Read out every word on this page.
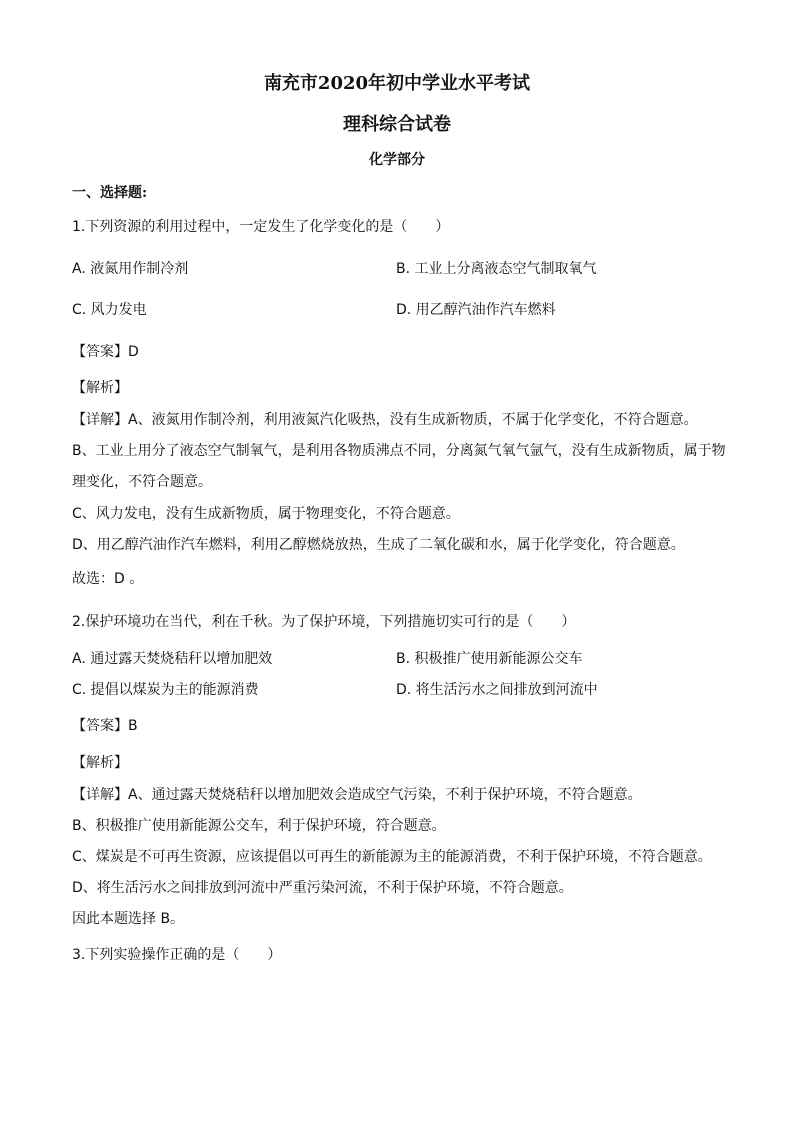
南充市2020年初中学业水平考试
理科综合试卷
化学部分
一、选择题:
1.下列资源的利用过程中，一定发生了化学变化的是（　　）
A. 液氮用作制冷剂	B. 工业上分离液态空气制取氧气
C. 风力发电	D. 用乙醇汽油作汽车燃料
【答案】D
【解析】
【详解】A、液氮用作制冷剂，利用液氮汽化吸热，没有生成新物质，不属于化学变化，不符合题意。
B、工业上用分了液态空气制氧气，是利用各物质沸点不同，分离氮气氧气氩气，没有生成新物质，属于物
理变化，不符合题意。
C、风力发电，没有生成新物质，属于物理变化，不符合题意。
D、用乙醇汽油作汽车燃料，利用乙醇燃烧放热，生成了二氧化碳和水，属于化学变化，符合题意。
故选：D 。
2.保护环境功在当代，利在千秋。为了保护环境，下列措施切实可行的是（　　）
A. 通过露天焚烧秸秆以增加肥效	B. 积极推广使用新能源公交车
C. 提倡以煤炭为主的能源消费	D. 将生活污水之间排放到河流中
【答案】B
【解析】
【详解】A、通过露天焚烧秸秆以增加肥效会造成空气污染，不利于保护环境，不符合题意。
B、积极推广使用新能源公交车，利于保护环境，符合题意。
C、煤炭是不可再生资源，应该提倡以可再生的新能源为主的能源消费，不利于保护环境，不符合题意。
D、将生活污水之间排放到河流中严重污染河流，不利于保护环境，不符合题意。
因此本题选择 B。
3.下列实验操作正确的是（　　）
